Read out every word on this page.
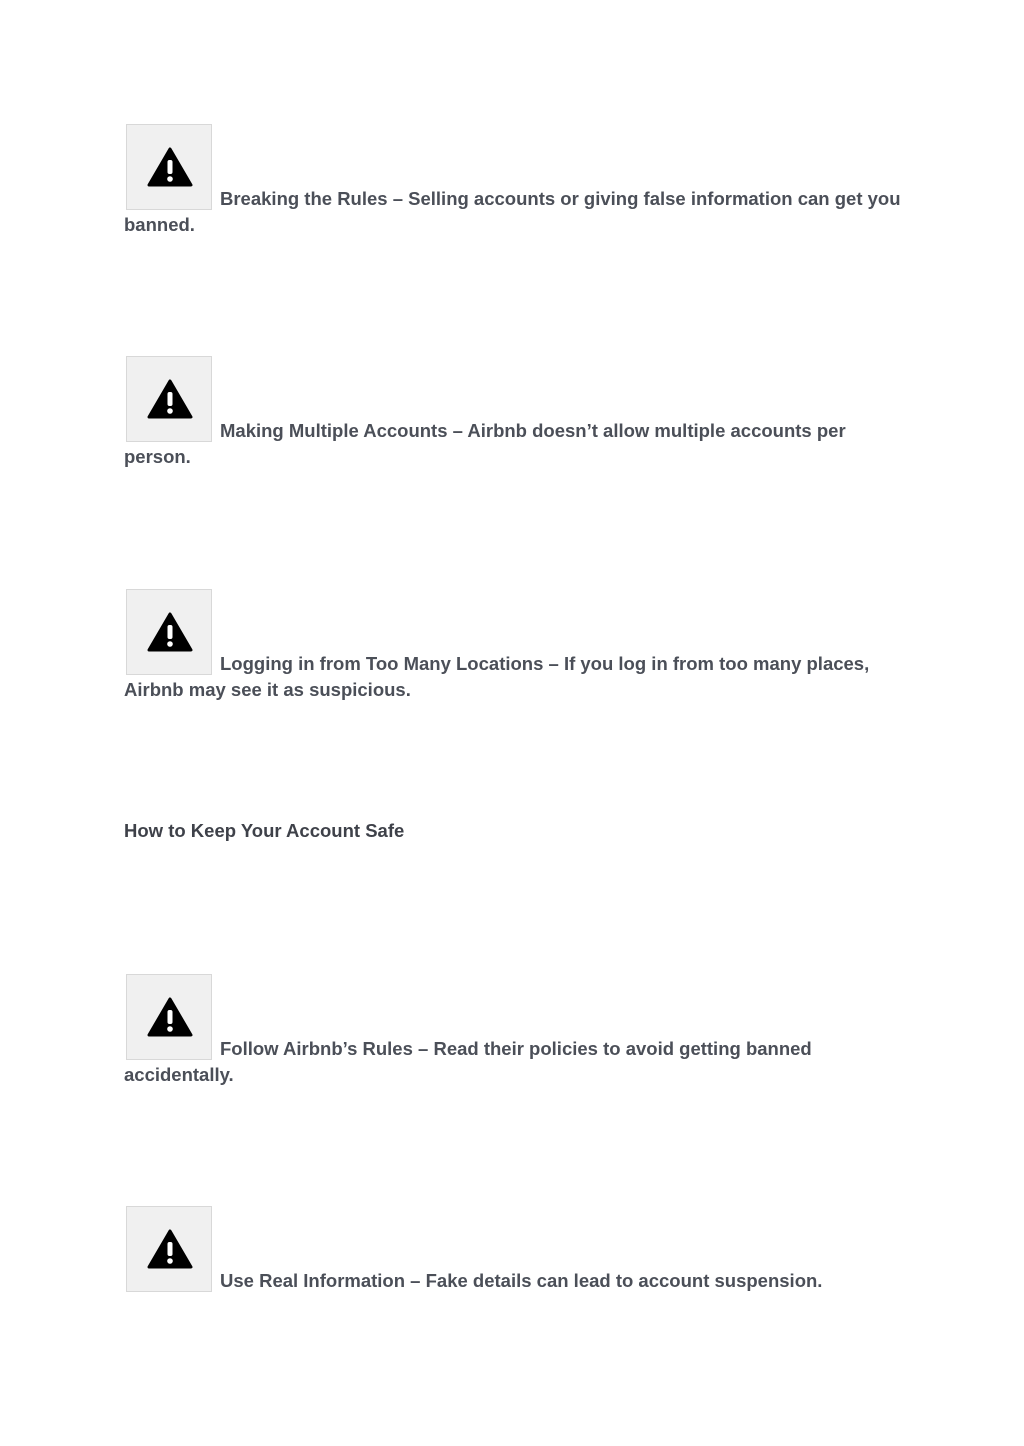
Breaking the Rules – Selling accounts or giving false information can get you banned.
Making Multiple Accounts – Airbnb doesn’t allow multiple accounts per person.
Logging in from Too Many Locations – If you log in from too many places, Airbnb may see it as suspicious.
How to Keep Your Account Safe
Follow Airbnb’s Rules – Read their policies to avoid getting banned accidentally.
Use Real Information – Fake details can lead to account suspension.
